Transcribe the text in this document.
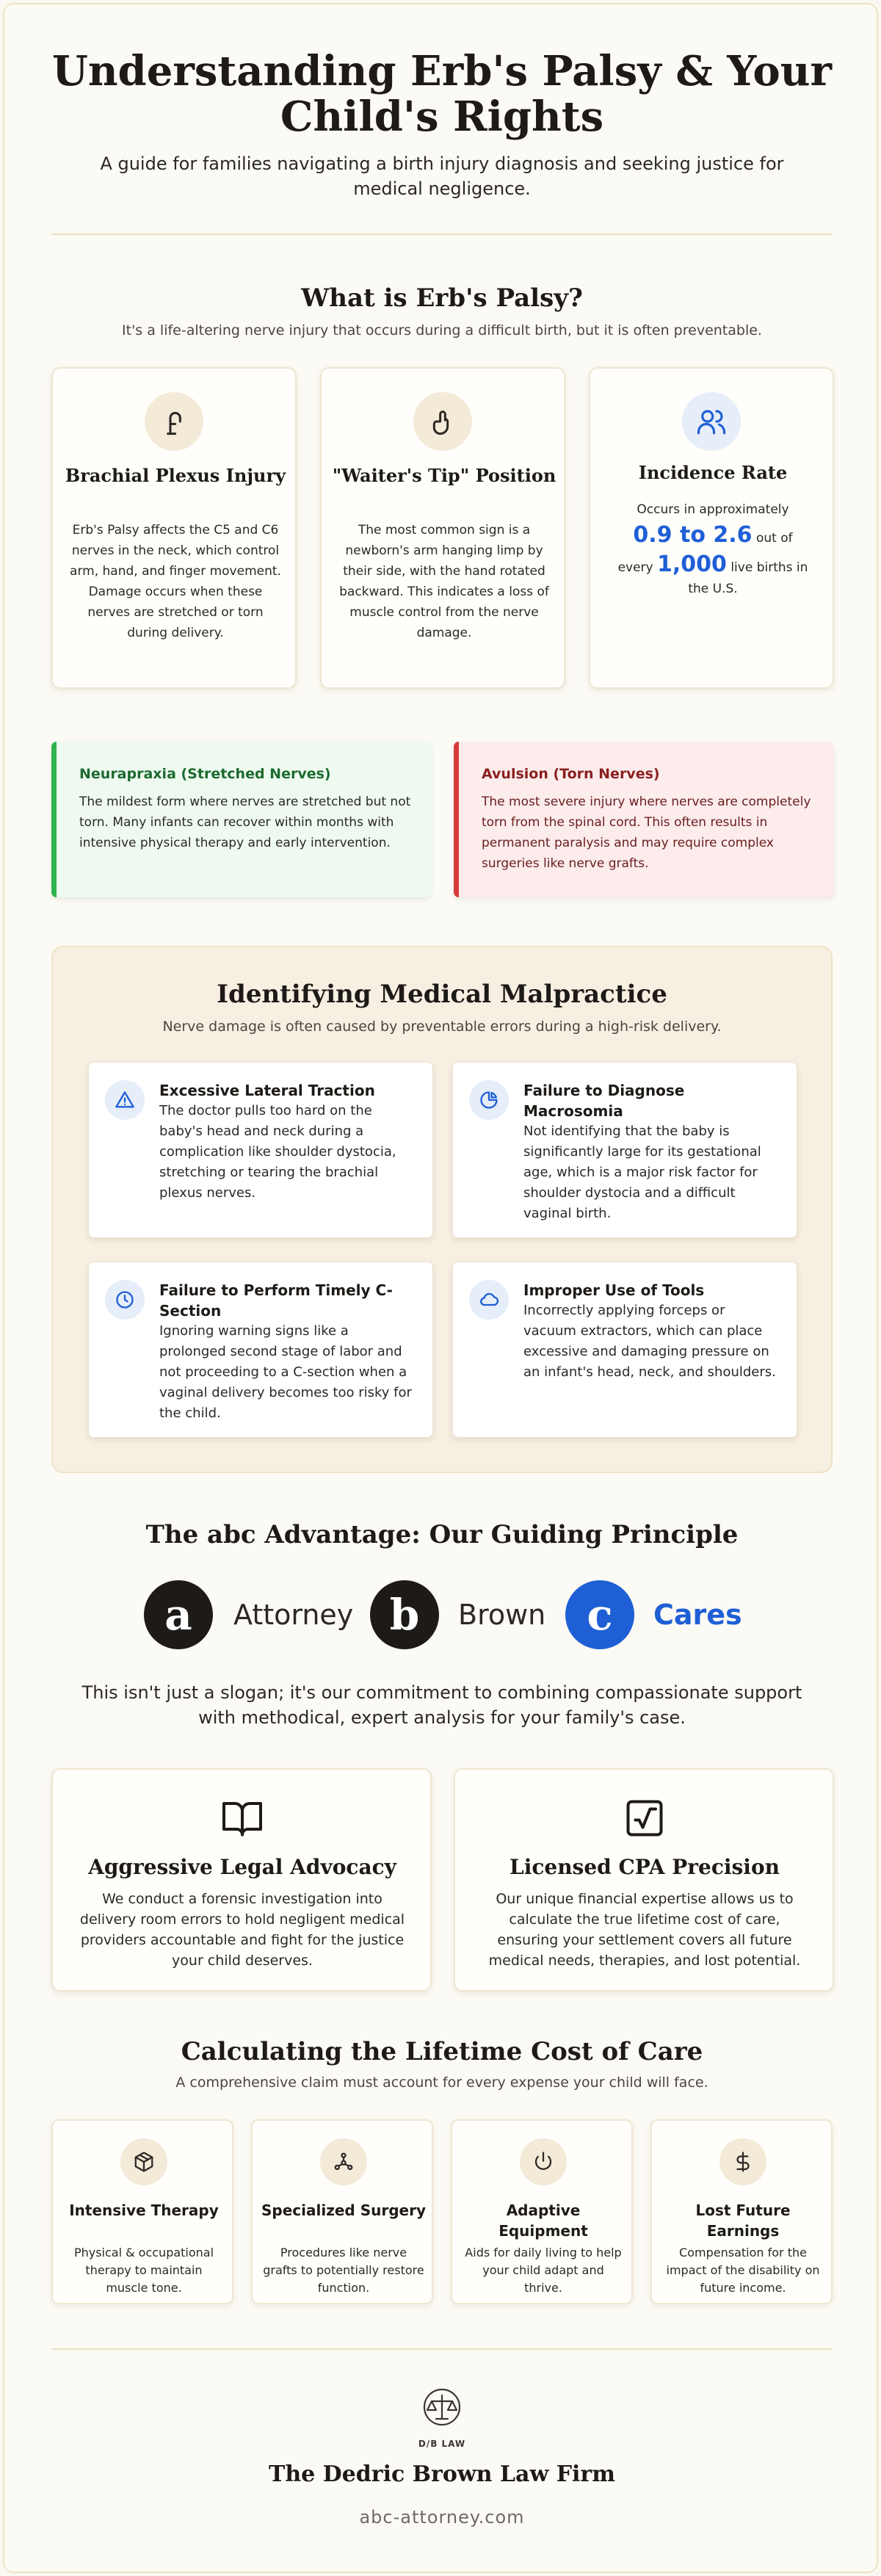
Understanding Erb's Palsy & Your Child's Rights
A guide for families navigating a birth injury diagnosis and seeking justice for medical negligence.
What is Erb's Palsy?
It's a life-altering nerve injury that occurs during a difficult birth, but it is often preventable.
Brachial Plexus Injury
Erb's Palsy affects the C5 and C6 nerves in the neck, which control arm, hand, and finger movement. Damage occurs when these nerves are stretched or torn during delivery.
"Waiter's Tip" Position
The most common sign is a newborn's arm hanging limp by their side, with the hand rotated backward. This indicates a loss of muscle control from the nerve damage.
Incidence Rate
Occurs in approximately
0.9 to 2.6 out of
every 1,000 live births in the U.S.
Neurapraxia (Stretched Nerves)
The mildest form where nerves are stretched but not torn. Many infants can recover within months with intensive physical therapy and early intervention.
Avulsion (Torn Nerves)
The most severe injury where nerves are completely torn from the spinal cord. This often results in permanent paralysis and may require complex surgeries like nerve grafts.
Identifying Medical Malpractice
Nerve damage is often caused by preventable errors during a high-risk delivery.
Excessive Lateral Traction
The doctor pulls too hard on the baby's head and neck during a complication like shoulder dystocia, stretching or tearing the brachial plexus nerves.
Failure to Diagnose Macrosomia
Not identifying that the baby is significantly large for its gestational age, which is a major risk factor for shoulder dystocia and a difficult vaginal birth.
Failure to Perform Timely C-Section
Ignoring warning signs like a prolonged second stage of labor and not proceeding to a C-section when a vaginal delivery becomes too risky for the child.
Improper Use of Tools
Incorrectly applying forceps or vacuum extractors, which can place excessive and damaging pressure on an infant's head, neck, and shoulders.
The abc Advantage: Our Guiding Principle
a	Attorney b	Brown c	Cares
This isn't just a slogan; it's our commitment to combining compassionate support with methodical, expert analysis for your family's case.
Aggressive Legal Advocacy
We conduct a forensic investigation into delivery room errors to hold negligent medical providers accountable and fight for the justice your child deserves.
Licensed CPA Precision
Our unique financial expertise allows us to calculate the true lifetime cost of care, ensuring your settlement covers all future medical needs, therapies, and lost potential.
Calculating the Lifetime Cost of Care
A comprehensive claim must account for every expense your child will face.
Intensive Therapy
Physical & occupational therapy to maintain muscle tone.
Specialized Surgery
Procedures like nerve grafts to potentially restore function.
Adaptive Equipment
Aids for daily living to help your child adapt and thrive.
Lost Future Earnings
Compensation for the impact of the disability on future income.
D/B LAW
The Dedric Brown Law Firm
abc-attorney.com
